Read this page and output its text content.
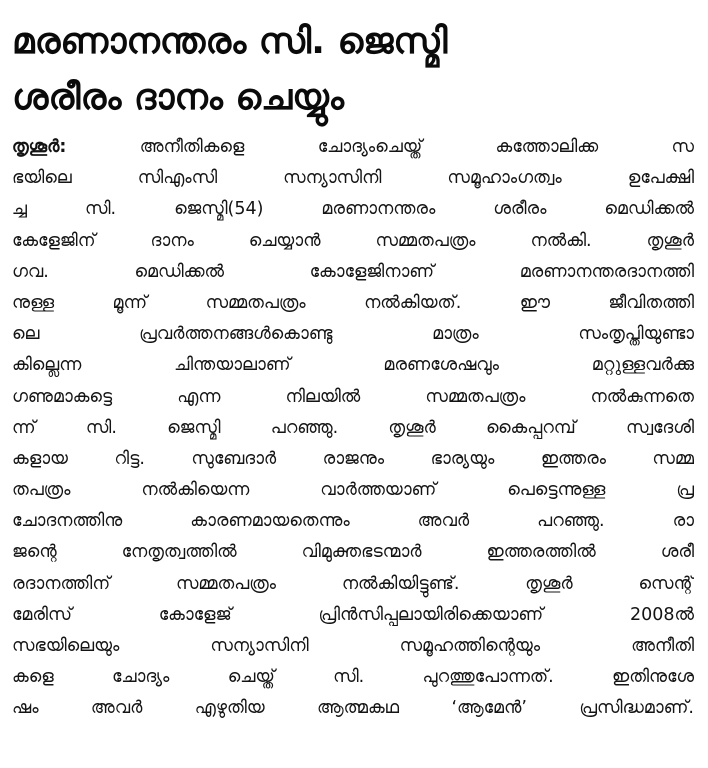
മരണാനന്തരം സി. ജെസ്മി
ശരീരം ദാനം ചെയ്യും
തൃശൂർ: അനീതികളെ ചോദ്യംചെയ്ത് കത്തോലിക്ക സ
ഭയിലെ സിഎംസി സന്യാസിനി സമൂഹാംഗത്വം ഉപേക്ഷി
ച്ച സി. ജെസ്മി(54) മരണാനന്തരം ശരീരം മെഡിക്കൽ
കേളേജിന് ദാനം ചെയ്യാൻ സമ്മതപത്രം നൽകി. തൃശൂർ
ഗവ. മെഡിക്കൽ കോളേജിനാണ് മരണാനന്തരദാനത്തി
നുള്ള മൂന്ന് സമ്മതപത്രം നൽകിയത്. ഈ ജീവിതത്തി
ലെ പ്രവർത്തനങ്ങൾകൊണ്ടു മാത്രം സംതൃപ്തിയുണ്ടാ
കില്ലെന്ന ചിന്തയാലാണ് മരണശേഷവും മറ്റുള്ളവർക്കു
ഗണുമാകട്ടെ എന്ന നിലയിൽ സമ്മതപത്രം നൽകുന്നതെ
ന്ന് സി. ജെസ്മി പറഞ്ഞു. തൃശൂർ കൈപ്പറമ്പ് സ്വദേശി
കളായ റിട്ട. സുബേദാർ രാജനും ഭാര്യയും ഇത്തരം സമ്മ
തപത്രം നൽകിയെന്ന വാർത്തയാണ് പെട്ടെന്നുള്ള പ്ര
ചോദനത്തിനു കാരണമായതെന്നും അവർ പറഞ്ഞു. രാ
ജന്റെ നേതൃത്വത്തിൽ വിമുക്തഭടന്മാർ ഇത്തരത്തിൽ ശരീ
രദാനത്തിന് സമ്മതപത്രം നൽകിയിട്ടുണ്ട്. തൃശൂർ സെന്റ്
മേരിസ് കോളേജ് പ്രിൻസിപ്പലായിരിക്കെയാണ് 2008ൽ
സഭയിലെയും സന്യാസിനി സമൂഹത്തിന്റെയും അനീതി
കളെ ചോദ്യം ചെയ്ത് സി. പുറത്തുപോന്നത്. ഇതിനുശേ
ഷം അവർ എഴുതിയ ആത്മകഥ ‘ആമേൻ’ പ്രസിദ്ധമാണ്.
